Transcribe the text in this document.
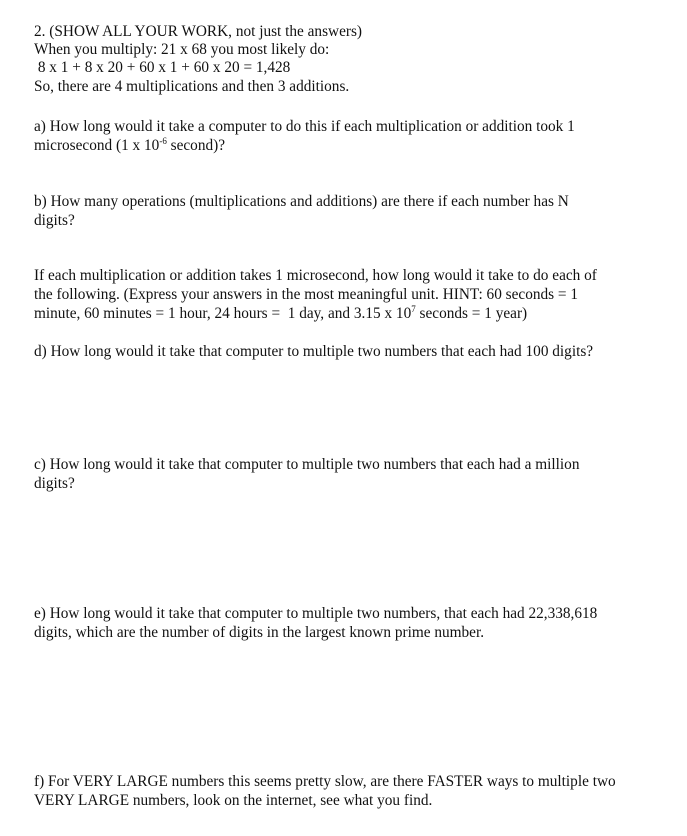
2. (SHOW ALL YOUR WORK, not just the answers)
When you multiply: 21 x 68 you most likely do:
8 x 1 + 8 x 20 + 60 x 1 + 60 x 20 = 1,428
So, there are 4 multiplications and then 3 additions.
a) How long would it take a computer to do this if each multiplication or addition took 1
microsecond (1 x $10^{-6}$ second)?
b) How many operations (multiplications and additions) are there if each number has N
digits?
If each multiplication or addition takes 1 microsecond, how long would it take to do each of
the following. (Express your answers in the most meaningful unit. HINT: 60 seconds = 1
minute, 60 minutes = 1 hour, 24 hours =  1 day, and 3.15 x $10^7$ seconds = 1 year)
d) How long would it take that computer to multiple two numbers that each had 100 digits?
c) How long would it take that computer to multiple two numbers that each had a million
digits?
e) How long would it take that computer to multiple two numbers, that each had 22,338,618
digits, which are the number of digits in the largest known prime number.
f) For VERY LARGE numbers this seems pretty slow, are there FASTER ways to multiple two
VERY LARGE numbers, look on the internet, see what you find.
